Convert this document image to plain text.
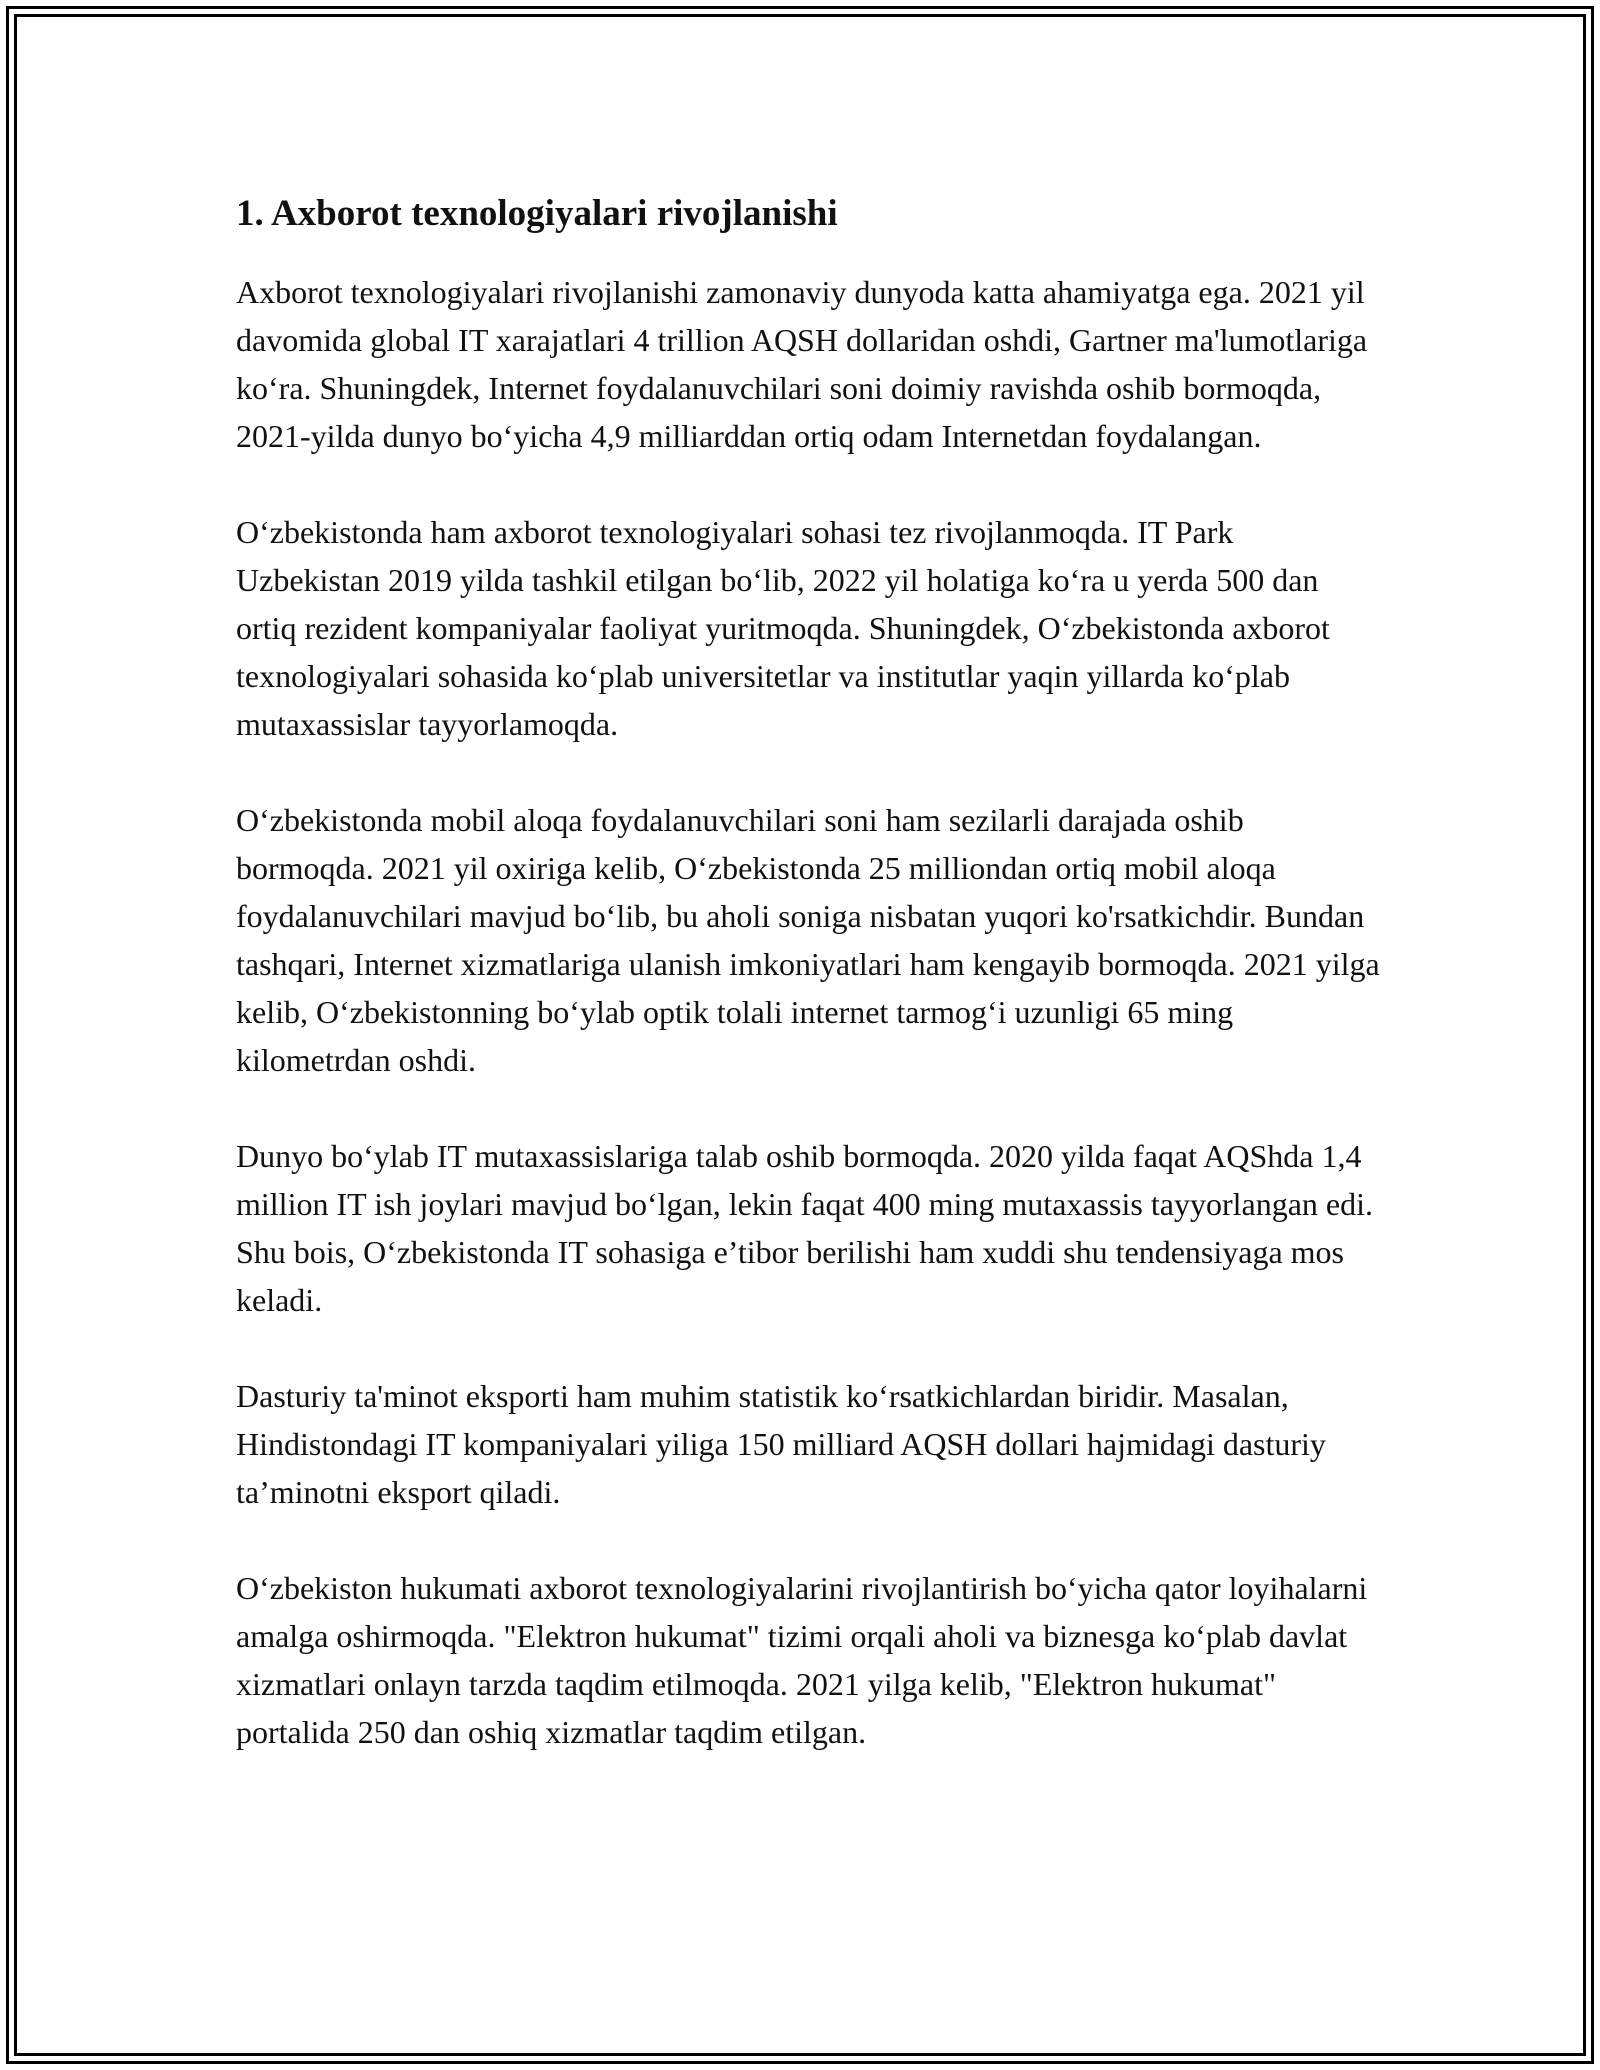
1. Axborot texnologiyalari rivojlanishi

Axborot texnologiyalari rivojlanishi zamonaviy dunyoda katta ahamiyatga ega. 2021 yil davomida global IT xarajatlari 4 trillion AQSH dollaridan oshdi, Gartner ma'lumotlariga koʻra. Shuningdek, Internet foydalanuvchilari soni doimiy ravishda oshib bormoqda, 2021-yilda dunyo boʻyicha 4,9 milliarddan ortiq odam Internetdan foydalangan.

Oʻzbekistonda ham axborot texnologiyalari sohasi tez rivojlanmoqda. IT Park Uzbekistan 2019 yilda tashkil etilgan boʻlib, 2022 yil holatiga koʻra u yerda 500 dan ortiq rezident kompaniyalar faoliyat yuritmoqda. Shuningdek, Oʻzbekistonda axborot texnologiyalari sohasida koʻplab universitetlar va institutlar yaqin yillarda koʻplab mutaxassislar tayyorlamoqda.

Oʻzbekistonda mobil aloqa foydalanuvchilari soni ham sezilarli darajada oshib bormoqda. 2021 yil oxiriga kelib, Oʻzbekistonda 25 milliondan ortiq mobil aloqa foydalanuvchilari mavjud boʻlib, bu aholi soniga nisbatan yuqori ko'rsatkichdir. Bundan tashqari, Internet xizmatlariga ulanish imkoniyatlari ham kengayib bormoqda. 2021 yilga kelib, Oʻzbekistonning boʻylab optik tolali internet tarmogʻi uzunligi 65 ming kilometrdan oshdi.

Dunyo boʻylab IT mutaxassislariga talab oshib bormoqda. 2020 yilda faqat AQShda 1,4 million IT ish joylari mavjud boʻlgan, lekin faqat 400 ming mutaxassis tayyorlangan edi. Shu bois, Oʻzbekistonda IT sohasiga e’tibor berilishi ham xuddi shu tendensiyaga mos keladi.

Dasturiy ta'minot eksporti ham muhim statistik koʻrsatkichlardan biridir. Masalan, Hindistondagi IT kompaniyalari yiliga 150 milliard AQSH dollari hajmidagi dasturiy ta’minotni eksport qiladi.

Oʻzbekiston hukumati axborot texnologiyalarini rivojlantirish boʻyicha qator loyihalarni amalga oshirmoqda. "Elektron hukumat" tizimi orqali aholi va biznesga koʻplab davlat xizmatlari onlayn tarzda taqdim etilmoqda. 2021 yilga kelib, "Elektron hukumat" portalida 250 dan oshiq xizmatlar taqdim etilgan.
